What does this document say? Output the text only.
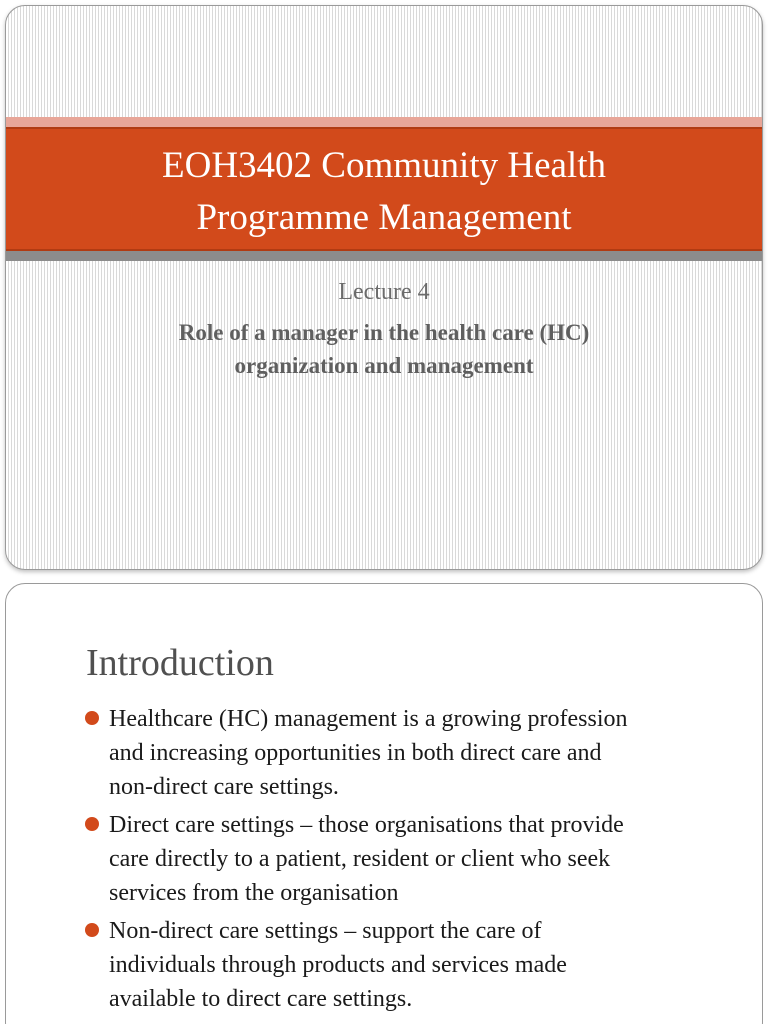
EOH3402 Community Health
Programme Management
Lecture 4
Role of a manager in the health care (HC)
organization and management
Introduction
Healthcare (HC) management is a growing profession
and increasing opportunities in both direct care and
non-direct care settings.
Direct care settings – those organisations that provide
care directly to a patient, resident or client who seek
services from the organisation
Non-direct care settings – support the care of
individuals through products and services made
available to direct care settings.
